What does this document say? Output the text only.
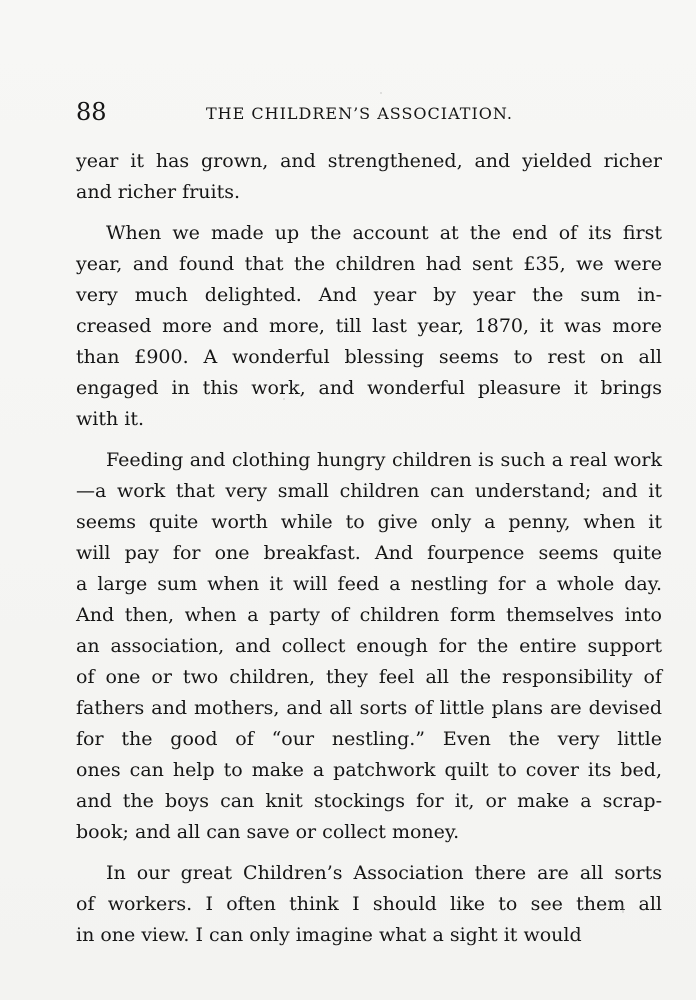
88	THE CHILDREN’S ASSOCIATION.
year it has grown, and strengthened, and yielded richer
and richer fruits.
When we made up the account at the end of its first
year, and found that the children had sent £35, we were
very much delighted. And year by year the sum in-
creased more and more, till last year, 1870, it was more
than £900. A wonderful blessing seems to rest on all
engaged in this work, and wonderful pleasure it brings
with it.
Feeding and clothing hungry children is such a real work
—a work that very small children can understand; and it
seems quite worth while to give only a penny, when it
will pay for one breakfast. And fourpence seems quite
a large sum when it will feed a nestling for a whole day.
And then, when a party of children form themselves into
an association, and collect enough for the entire support
of one or two children, they feel all the responsibility of
fathers and mothers, and all sorts of little plans are devised
for the good of “our nestling.” Even the very little
ones can help to make a patchwork quilt to cover its bed,
and the boys can knit stockings for it, or make a scrap-
book; and all can save or collect money.
In our great Children’s Association there are all sorts
of workers. I often think I should like to see them all
in one view. I can only imagine what a sight it would
